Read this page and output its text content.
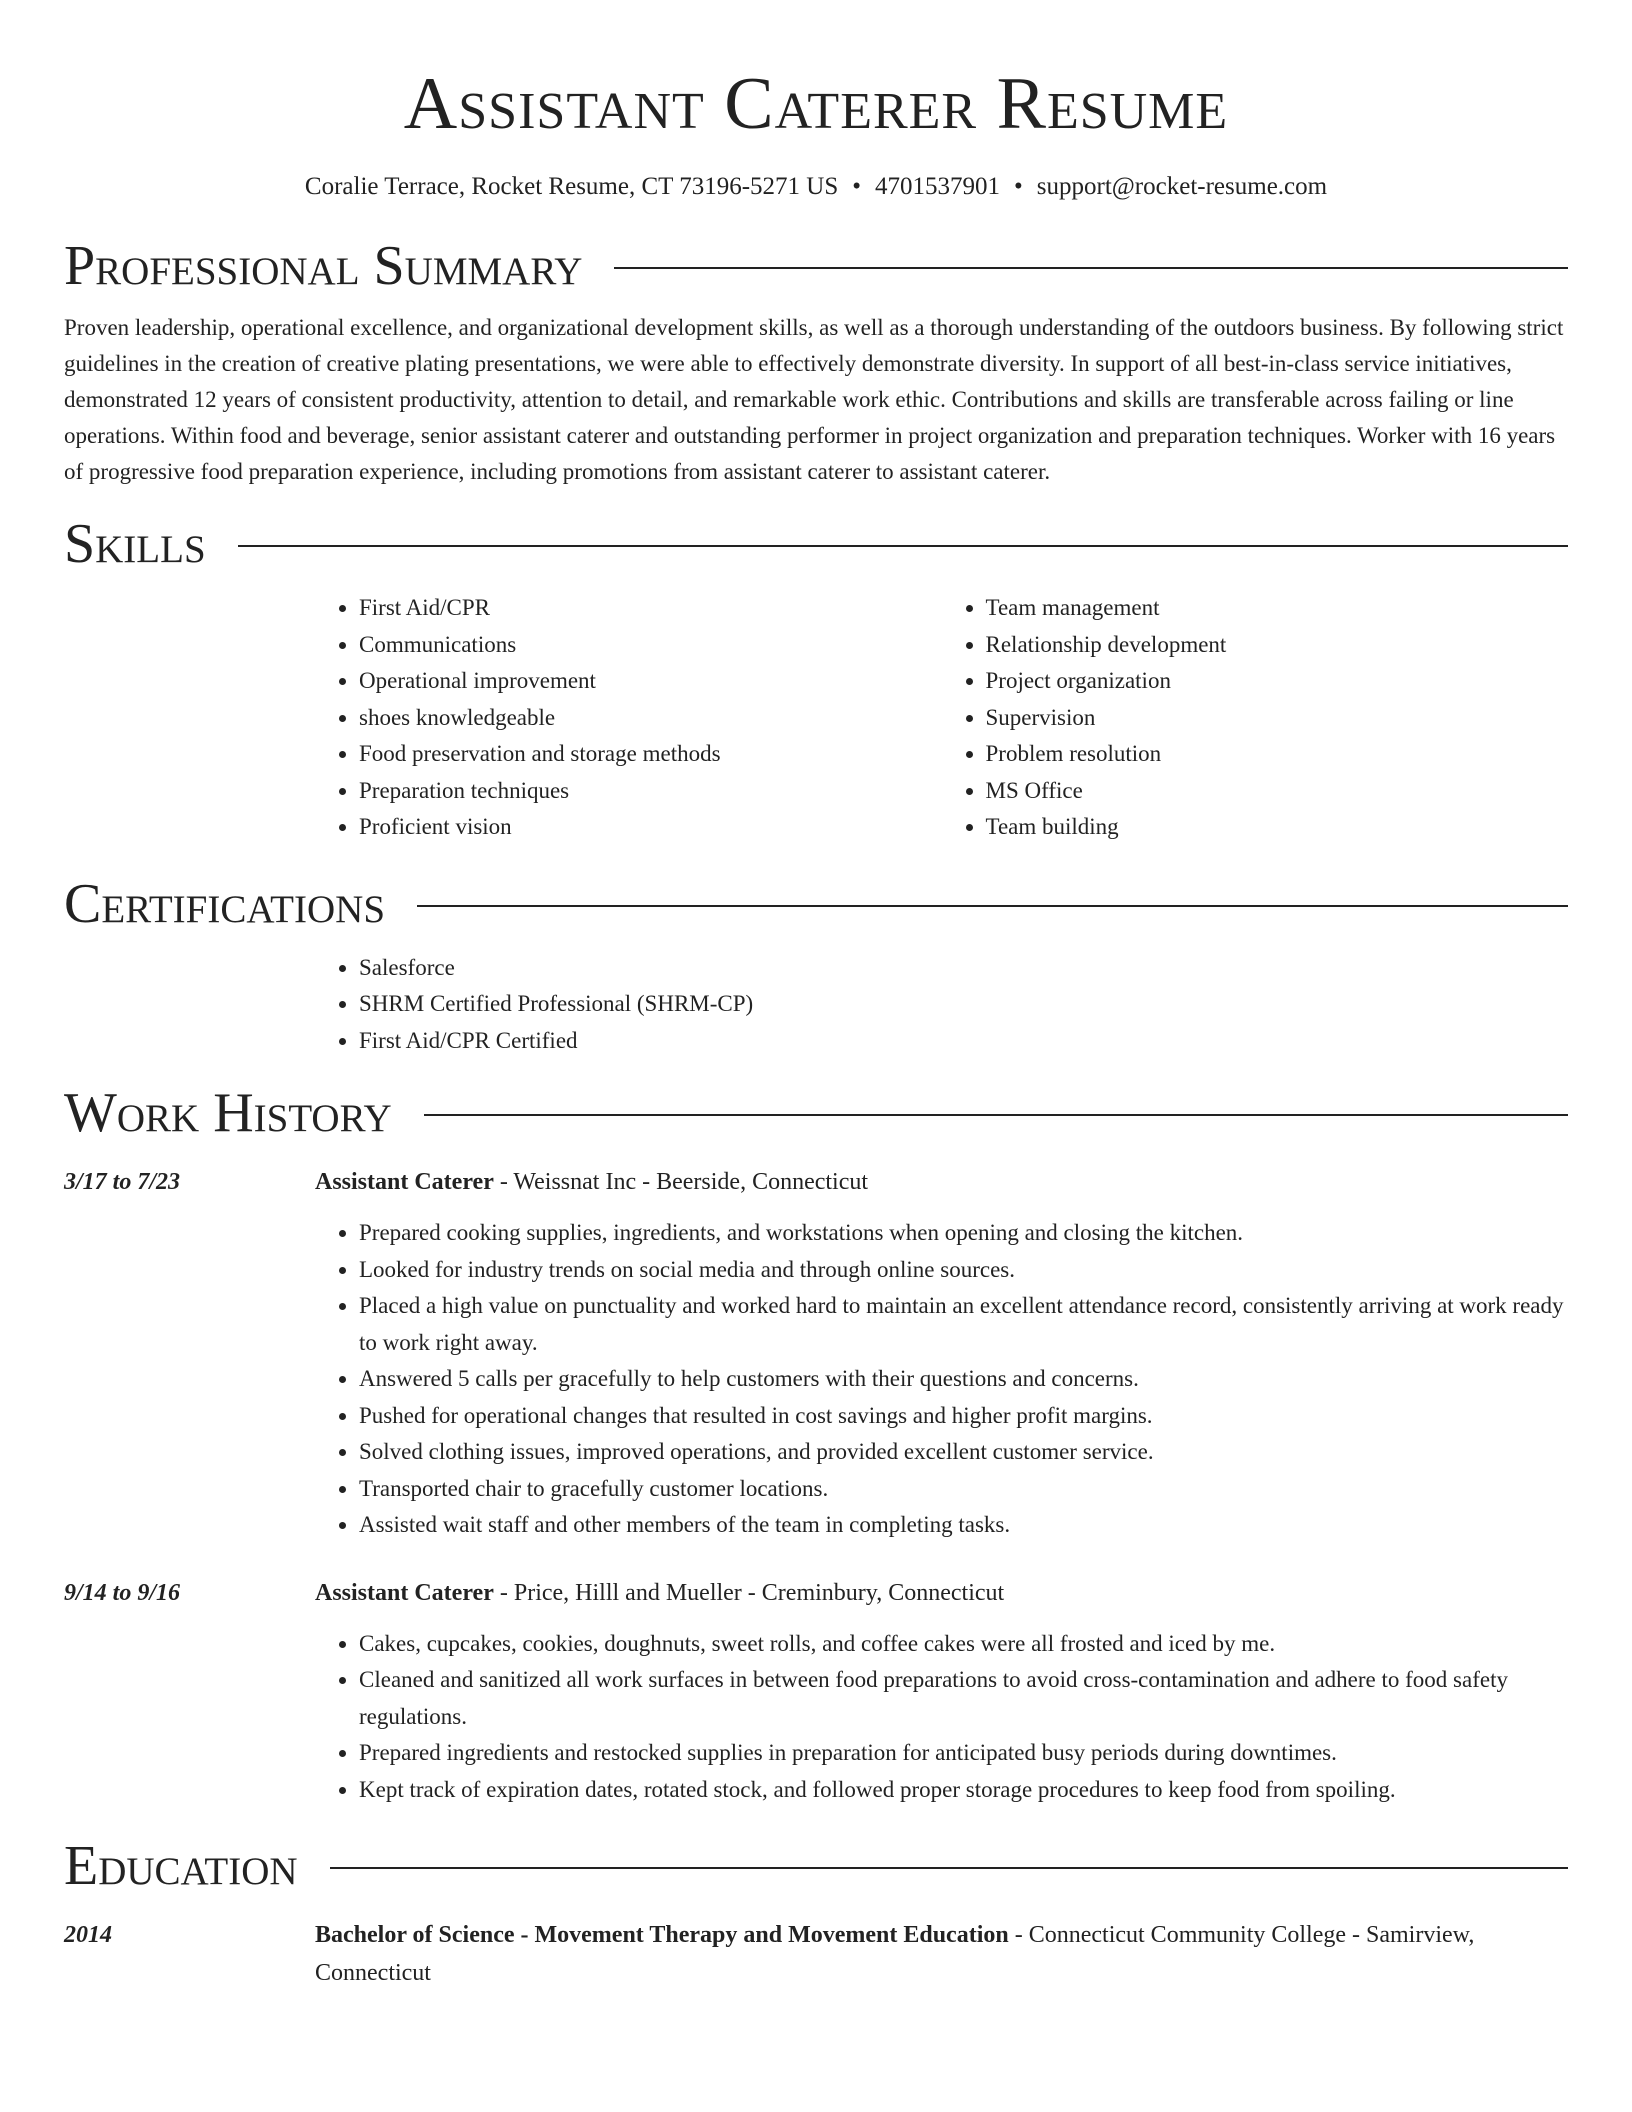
Assistant Caterer Resume
Coralie Terrace, Rocket Resume, CT 73196-5271 US • 4701537901 • support@rocket-resume.com
Professional Summary

Proven leadership, operational excellence, and organizational development skills, as well as a thorough understanding of the outdoors business. By following strict guidelines in the creation of creative plating presentations, we were able to effectively demonstrate diversity. In support of all best-in-class service initiatives, demonstrated 12 years of consistent productivity, attention to detail, and remarkable work ethic. Contributions and skills are transferable across failing or line operations. Within food and beverage, senior assistant caterer and outstanding performer in project organization and preparation techniques. Worker with 16 years of progressive food preparation experience, including promotions from assistant caterer to assistant caterer.

Skills
• First Aid/CPR
• Communications
• Operational improvement
• shoes knowledgeable
• Food preservation and storage methods
• Preparation techniques
• Proficient vision
• Team management
• Relationship development
• Project organization
• Supervision
• Problem resolution
• MS Office
• Team building
Certifications
• Salesforce
• SHRM Certified Professional (SHRM-CP)
• First Aid/CPR Certified
Work History
3/17 to 7/23	Assistant Caterer - Weissnat Inc - Beerside, Connecticut
• Prepared cooking supplies, ingredients, and workstations when opening and closing the kitchen.
• Looked for industry trends on social media and through online sources.
• Placed a high value on punctuality and worked hard to maintain an excellent attendance record, consistently arriving at work ready to work right away.
• Answered 5 calls per gracefully to help customers with their questions and concerns.
• Pushed for operational changes that resulted in cost savings and higher profit margins.
• Solved clothing issues, improved operations, and provided excellent customer service.
• Transported chair to gracefully customer locations.
• Assisted wait staff and other members of the team in completing tasks.
9/14 to 9/16	Assistant Caterer - Price, Hilll and Mueller - Creminbury, Connecticut
• Cakes, cupcakes, cookies, doughnuts, sweet rolls, and coffee cakes were all frosted and iced by me.
• Cleaned and sanitized all work surfaces in between food preparations to avoid cross-contamination and adhere to food safety regulations.
• Prepared ingredients and restocked supplies in preparation for anticipated busy periods during downtimes.
• Kept track of expiration dates, rotated stock, and followed proper storage procedures to keep food from spoiling.
Education
2014	Bachelor of Science - Movement Therapy and Movement Education - Connecticut Community College - Samirview, Connecticut
